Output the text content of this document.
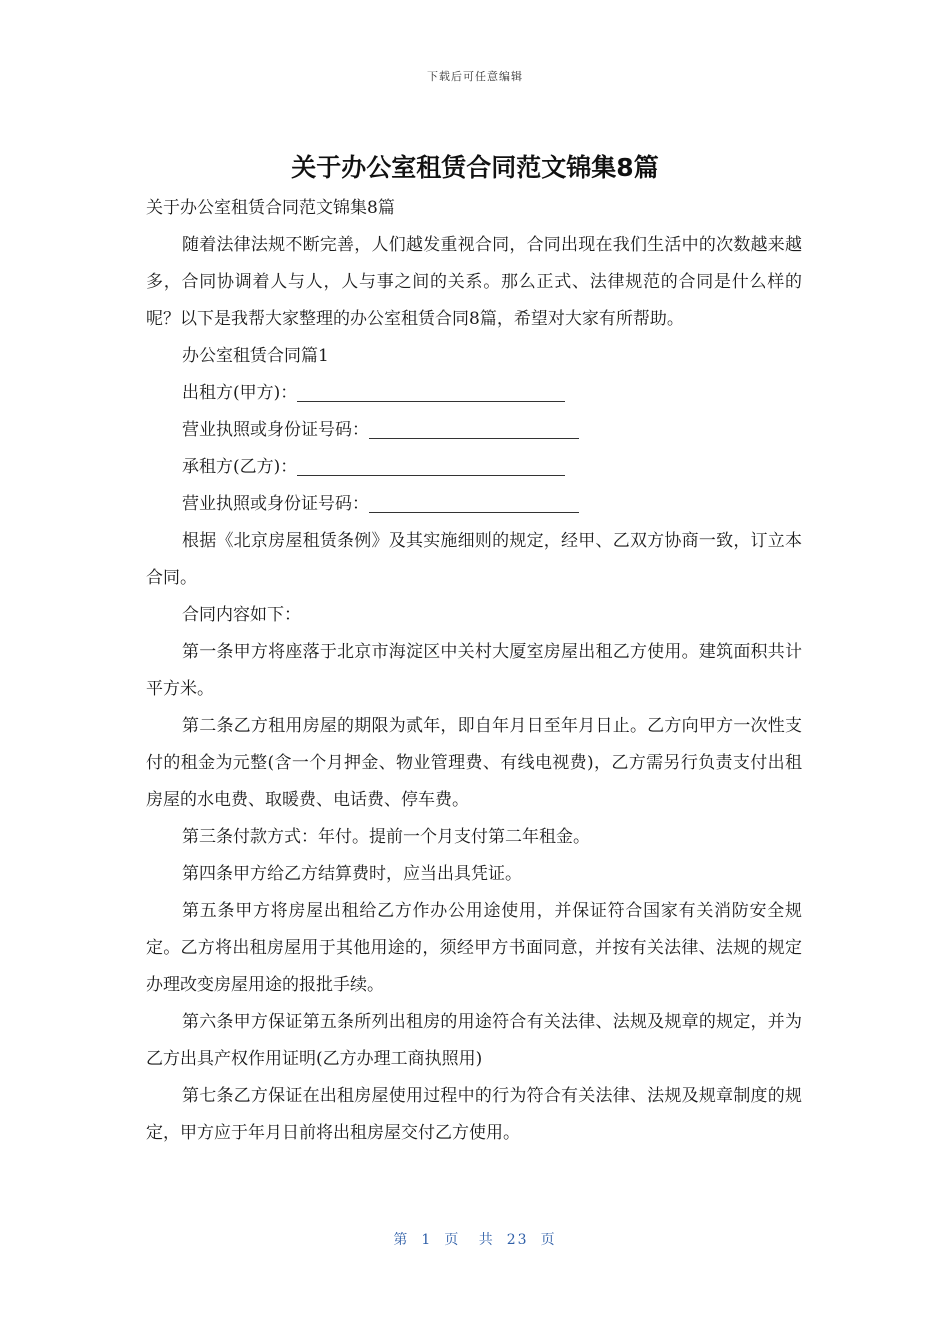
下载后可任意编辑
关于办公室租赁合同范文锦集8篇

关于办公室租赁合同范文锦集8篇

随着法律法规不断完善，人们越发重视合同，合同出现在我们生活中的次数越来越多，合同协调着人与人，人与事之间的关系。那么正式、法律规范的合同是什么样的呢？以下是我帮大家整理的办公室租赁合同8篇，希望对大家有所帮助。

办公室租赁合同篇1

出租方(甲方)：

营业执照或身份证号码：

承租方(乙方)：

营业执照或身份证号码：

根据《北京房屋租赁条例》及其实施细则的规定，经甲、乙双方协商一致，订立本合同。

合同内容如下：

第一条甲方将座落于北京市海淀区中关村大厦室房屋出租乙方使用。建筑面积共计平方米。

第二条乙方租用房屋的期限为贰年，即自年月日至年月日止。乙方向甲方一次性支付的租金为元整(含一个月押金、物业管理费、有线电视费)，乙方需另行负责支付出租房屋的水电费、取暖费、电话费、停车费。

第三条付款方式：年付。提前一个月支付第二年租金。

第四条甲方给乙方结算费时，应当出具凭证。

第五条甲方将房屋出租给乙方作办公用途使用，并保证符合国家有关消防安全规定。乙方将出租房屋用于其他用途的，须经甲方书面同意，并按有关法律、法规的规定办理改变房屋用途的报批手续。

第六条甲方保证第五条所列出租房的用途符合有关法律、法规及规章的规定，并为乙方出具产权作用证明(乙方办理工商执照用)

第七条乙方保证在出租房屋使用过程中的行为符合有关法律、法规及规章制度的规定，甲方应于年月日前将出租房屋交付乙方使用。

第 1 页 共 23 页
